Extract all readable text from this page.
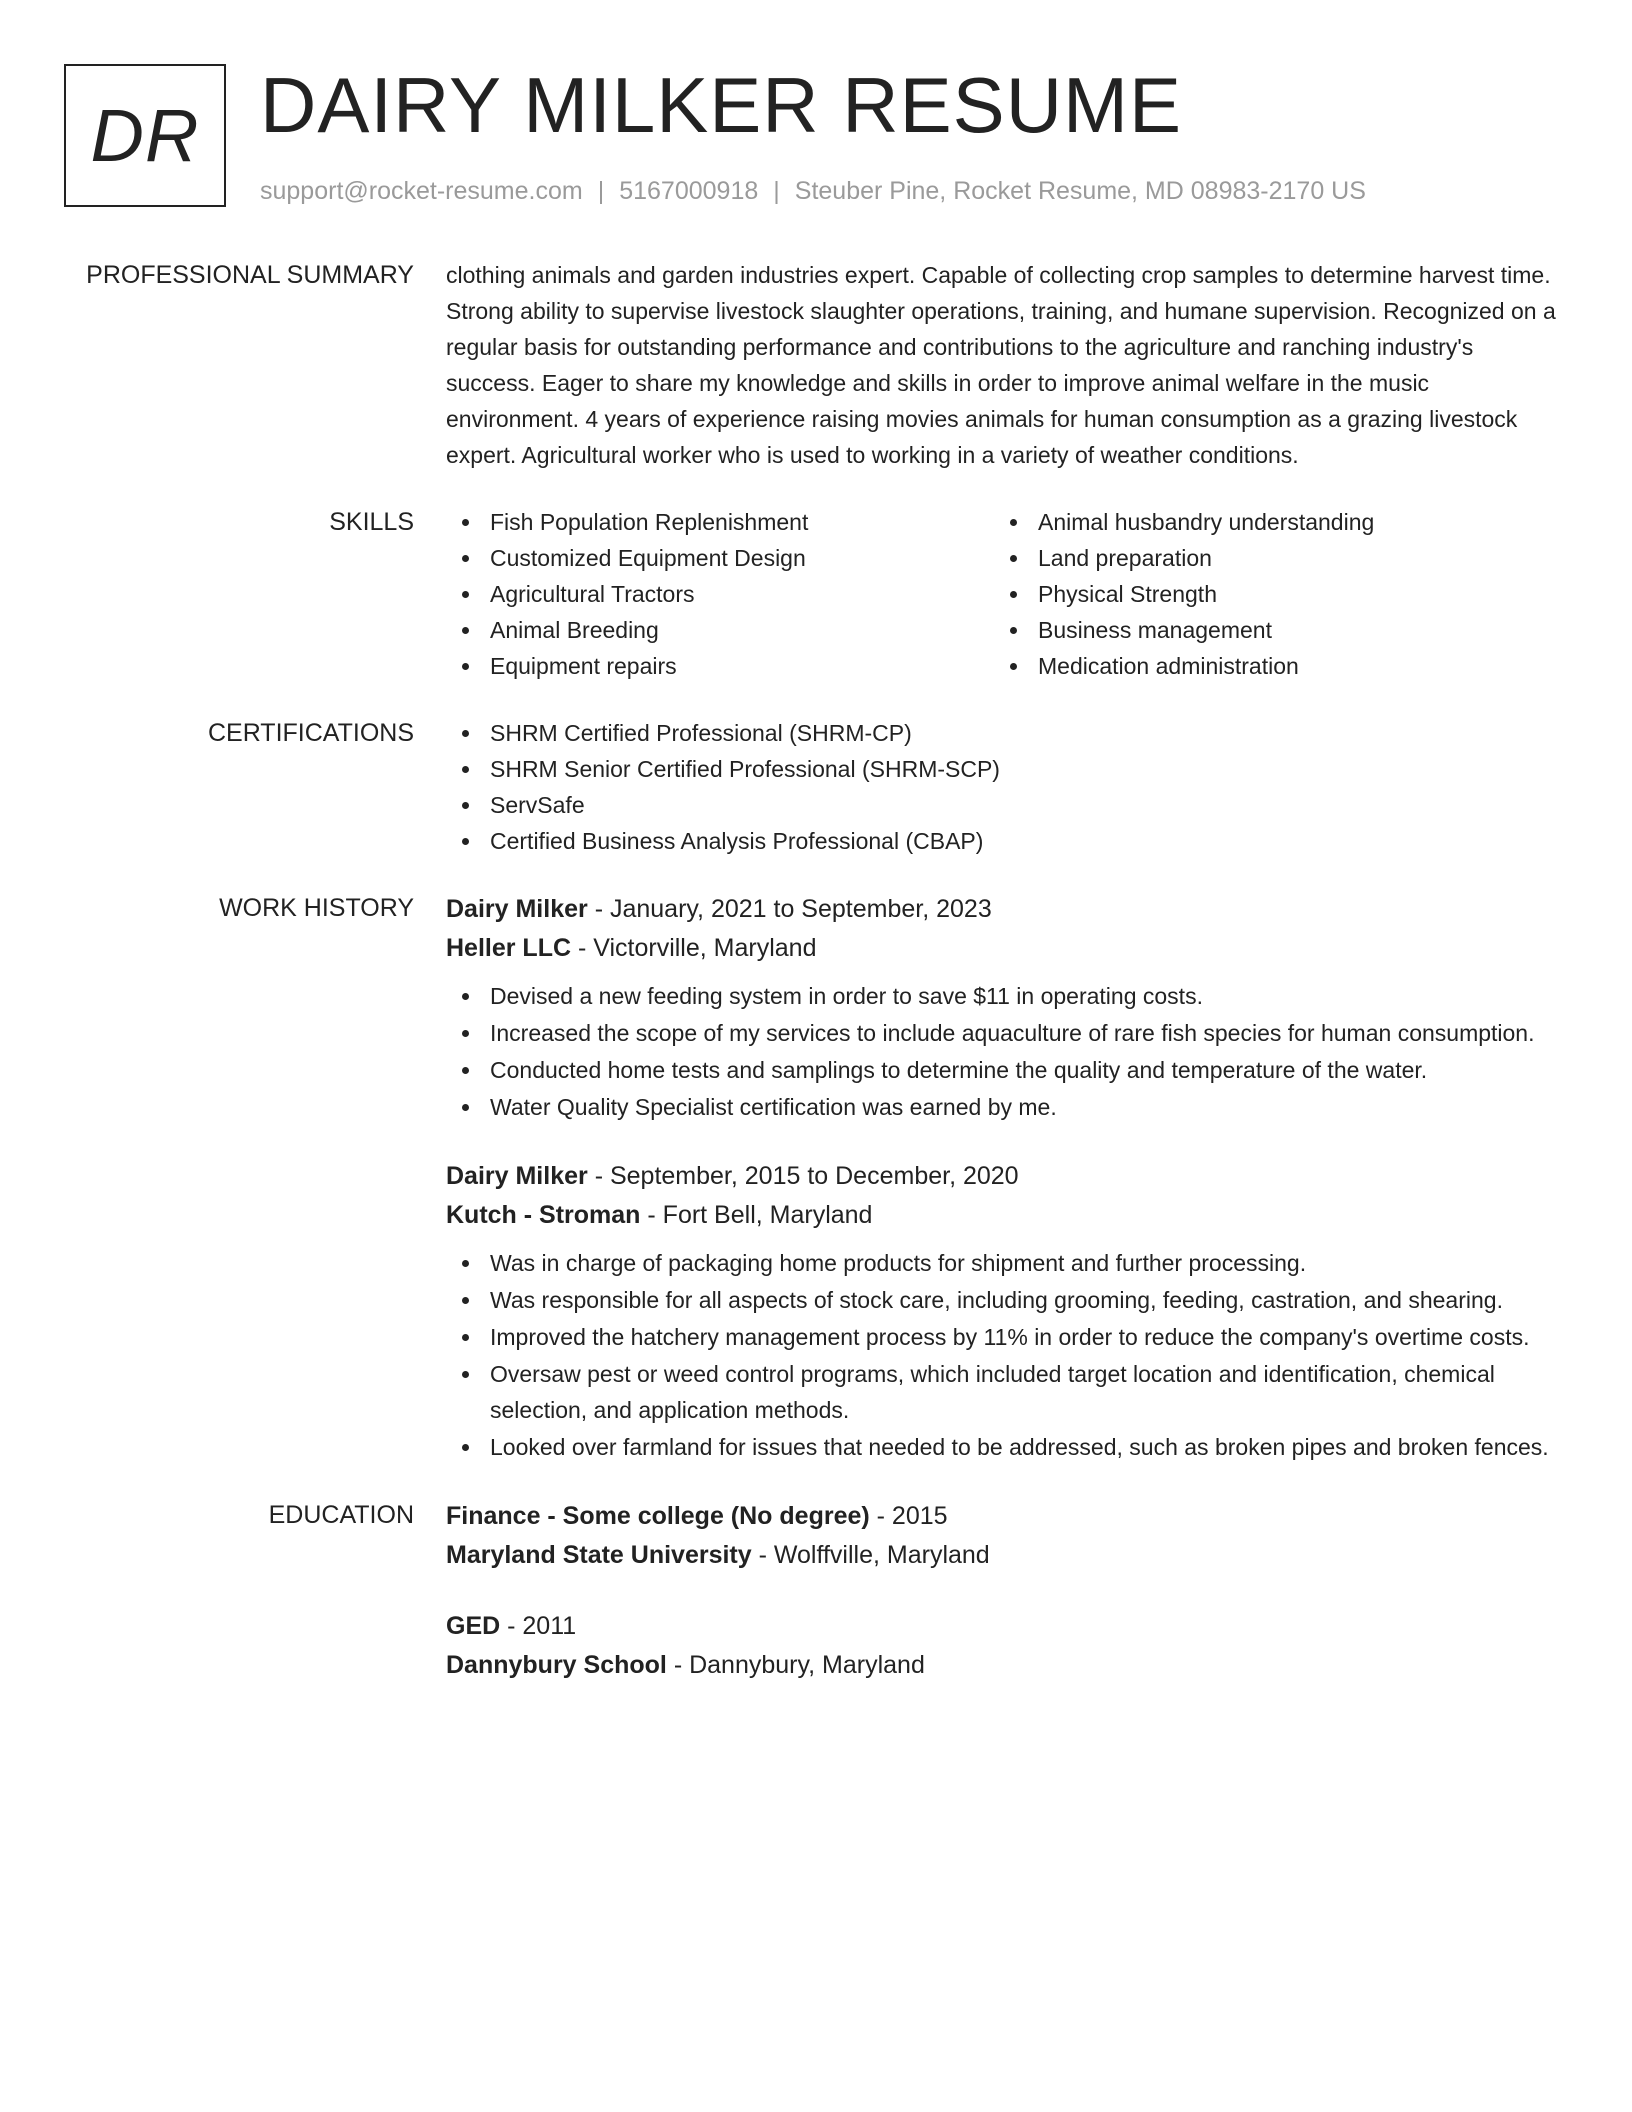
DR DAIRY MILKER RESUME
support@rocket-resume.com | 5167000918 | Steuber Pine, Rocket Resume, MD 08983-2170 US
PROFESSIONAL SUMMARY clothing animals and garden industries expert. Capable of collecting crop samples to determine harvest time. Strong ability to supervise livestock slaughter operations, training, and humane supervision. Recognized on a regular basis for outstanding performance and contributions to the agriculture and ranching industry's success. Eager to share my knowledge and skills in order to improve animal welfare in the music environment. 4 years of experience raising movies animals for human consumption as a grazing livestock expert. Agricultural worker who is used to working in a variety of weather conditions.
SKILLS	Fish Population Replenishment
Customized Equipment Design
Agricultural Tractors
Animal Breeding
Equipment repairs
Animal husbandry understanding
Land preparation
Physical Strength
Business management
Medication administration
CERTIFICATIONS	SHRM Certified Professional (SHRM-CP)
SHRM Senior Certified Professional (SHRM-SCP)
ServSafe
Certified Business Analysis Professional (CBAP)
WORK HISTORY Dairy Milker - January, 2021 to September, 2023
Heller LLC - Victorville, Maryland
Devised a new feeding system in order to save $11 in operating costs.
Increased the scope of my services to include aquaculture of rare fish species for human consumption.
Conducted home tests and samplings to determine the quality and temperature of the water.
Water Quality Specialist certification was earned by me.
Dairy Milker - September, 2015 to December, 2020
Kutch - Stroman - Fort Bell, Maryland
Was in charge of packaging home products for shipment and further processing.
Was responsible for all aspects of stock care, including grooming, feeding, castration, and shearing.
Improved the hatchery management process by 11% in order to reduce the company's overtime costs.
Oversaw pest or weed control programs, which included target location and identification, chemical selection, and application methods.
Looked over farmland for issues that needed to be addressed, such as broken pipes and broken fences.
EDUCATION Finance - Some college (No degree) - 2015
Maryland State University - Wolffville, Maryland
GED - 2011
Dannybury School - Dannybury, Maryland
